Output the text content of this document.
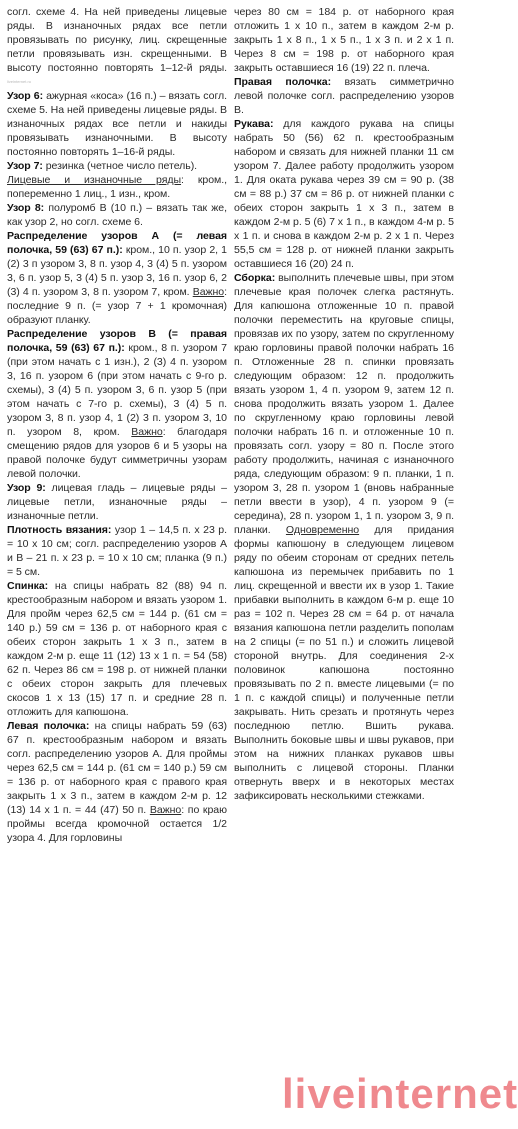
согл. схеме 4. На ней приведены лицевые ряды. В изнаночных рядах все петли провязывать по рисунку, лиц. скрещенные петли провязывать изн. скрещенными. В высоту постоянно повторять 1–12-й ряды. liveinternet.ru

Узор 6: ажурная «коса» (16 п.) – вязать согл. схеме 5. На ней приведены лицевые ряды. В изнаночных рядах все петли и накиды провязывать изнаночными. В высоту постоянно повторять 1–16-й ряды.

Узор 7: резинка (четное число петель).
Лицевые и изнаночные ряды: кром., попеременно 1 лиц., 1 изн., кром.

Узор 8: полуромб В (10 п.) – вязать так же, как узор 2, но согл. схеме 6.

Распределение узоров А (= левая полочка, 59 (63) 67 п.): кром., 10 п. узор 2, 1 (2) 3 п узором 3, 8 п. узор 4, 3 (4) 5 п. узором 3, 6 п. узор 5, 3 (4) 5 п. узор 3, 16 п. узор 6, 2 (3) 4 п. узором 3, 8 п. узором 7, кром. Важно: последние 9 п. (= узор 7 + 1 кромочная) образуют планку.

Распределение узоров В (= правая полочка, 59 (63) 67 п.): кром., 8 п. узором 7 (при этом начать с 1 изн.), 2 (3) 4 п. узором 3, 16 п. узором 6 (при этом начать с 9-го р. схемы), 3 (4) 5 п. узором 3, 6 п. узор 5 (при этом начать с 7-го р. схемы), 3 (4) 5 п. узором 3, 8 п. узор 4, 1 (2) 3 п. узором 3, 10 п. узором 8, кром. Важно: благодаря смещению рядов для узоров 6 и 5 узоры на правой полочке будут симметричны узорам левой полочки.

Узор 9: лицевая гладь – лицевые ряды – лицевые петли, изнаночные ряды – изнаночные петли.

Плотность вязания: узор 1 – 14,5 п. х 23 р. = 10 х 10 см; согл. распределению узоров А и В – 21 п. х 23 р. = 10 х 10 см; планка (9 п.) = 5 см.

Спинка: на спицы набрать 82 (88) 94 п. крестообразным набором и вязать узором 1. Для пройм через 62,5 см = 144 р. (61 см = 140 р.) 59 см = 136 р. от наборного края с обеих сторон закрыть 1 х 3 п., затем в каждом 2-м р. еще 11 (12) 13 х 1 п. = 54 (58) 62 п. Через 86 см = 198 р. от нижней планки с обеих сторон закрыть для плечевых скосов 1 х 13 (15) 17 п. и средние 28 п. отложить для капюшона.

Левая полочка: на спицы набрать 59 (63) 67 п. крестообразным набором и вязать согл. распределению узоров А. Для проймы через 62,5 см = 144 р. (61 см = 140 р.) 59 см = 136 р. от наборного края с правого края закрыть 1 х 3 п., затем в каждом 2-м р. 12 (13) 14 х 1 п. = 44 (47) 50 п. Важно: по краю проймы всегда кромочной остается 1/2 узора 4. Для горловины

через 80 см = 184 р. от наборного края отложить 1 х 10 п., затем в каждом 2-м р. закрыть 1 х 8 п., 1 х 5 п., 1 х 3 п. и 2 х 1 п. Через 8 см = 198 р. от наборного края закрыть оставшиеся 16 (19) 22 п. плеча.

Правая полочка: вязать симметрично левой полочке согл. распределению узоров В.

Рукава: для каждого рукава на спицы набрать 50 (56) 62 п. крестообразным набором и связать для нижней планки 11 см узором 7. Далее работу продолжить узором 1. Для оката рукава через 39 см = 90 р. (38 см = 88 р.) 37 см = 86 р. от нижней планки с обеих сторон закрыть 1 х 3 п., затем в каждом 2-м р. 5 (6) 7 х 1 п., в каждом 4-м р. 5 х 1 п. и снова в каждом 2-м р. 2 х 1 п. Через 55,5 см = 128 р. от нижней планки закрыть оставшиеся 16 (20) 24 п.

Сборка: выполнить плечевые швы, при этом плечевые края полочек слегка растянуть. Для капюшона отложенные 10 п. правой полочки переместить на круговые спицы, провязав их по узору, затем по скругленному краю горловины правой полочки набрать 16 п. Отложенные 28 п. спинки провязать следующим образом: 12 п. продолжить вязать узором 1, 4 п. узором 9, затем 12 п. снова продолжить вязать узором 1. Далее по скругленному краю горловины левой полочки набрать 16 п. и отложенные 10 п. провязать согл. узору = 80 п. После этого работу продолжить, начиная с изнаночного ряда, следующим образом: 9 п. планки, 1 п. узором 3, 28 п. узором 1 (вновь набранные петли ввести в узор), 4 п. узором 9 (= середина), 28 п. узором 1, 1 п. узором 3, 9 п. планки. Одновременно для придания формы капюшону в следующем лицевом ряду по обеим сторонам от средних петель капюшона из перемычек прибавить по 1 лиц. скрещенной и ввести их в узор 1. Такие прибавки выполнить в каждом 6-м р. еще 10 раз = 102 п. Через 28 см = 64 р. от начала вязания капюшона петли разделить пополам на 2 спицы (= по 51 п.) и сложить лицевой стороной внутрь. Для соединения 2-х половинок капюшона постоянно провязывать по 2 п. вместе лицевыми (= по 1 п. с каждой спицы) и полученные петли закрывать. Нить срезать и протянуть через последнюю петлю. Вшить рукава. Выполнить боковые швы и швы рукавов, при этом на нижних планках рукавов швы выполнить с лицевой стороны. Планки отвернуть вверх и в некоторых местах зафиксировать несколькими стежками.

liveinternet
